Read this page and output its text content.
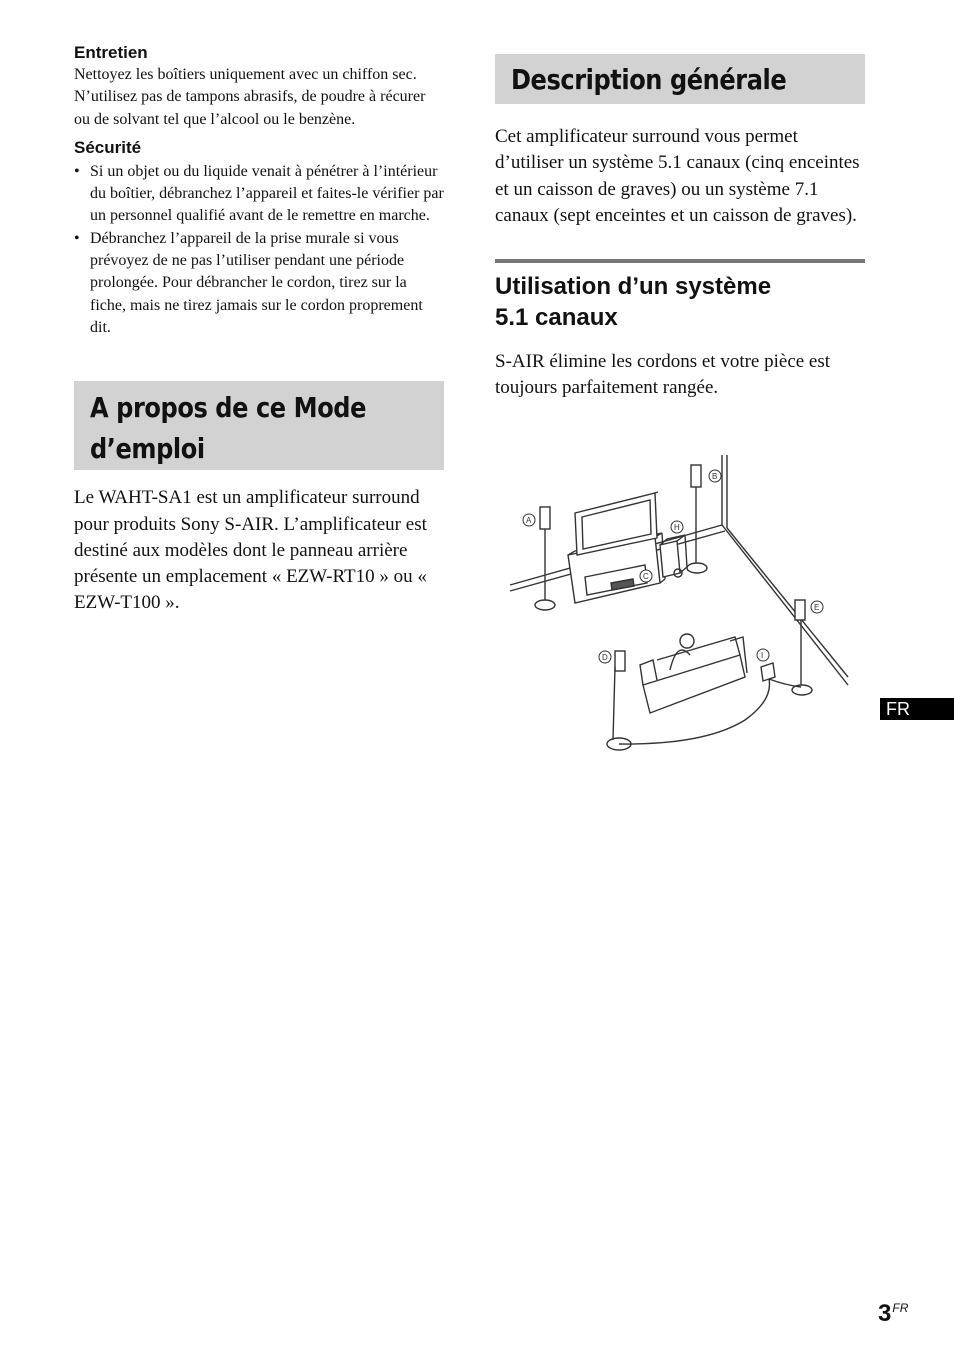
Entretien

Nettoyez les boîtiers uniquement avec un chiffon sec. N’utilisez pas de tampons abrasifs, de poudre à récurer ou de solvant tel que l’alcool ou le benzène.

Sécurité
• Si un objet ou du liquide venait à pénétrer à l’intérieur du boîtier, débranchez l’appareil et faites-le vérifier par un personnel qualifié avant de le remettre en marche.
• Débranchez l’appareil de la prise murale si vous prévoyez de ne pas l’utiliser pendant une période prolongée. Pour débrancher le cordon, tirez sur la fiche, mais ne tirez jamais sur le cordon proprement dit.
A propos de ce Mode
d’emploi

Le WAHT-SA1 est un amplificateur surround pour produits Sony S-AIR. L’amplificateur est destiné aux modèles dont le panneau arrière présente un emplacement « EZW-RT10 » ou « EZW-T100 ».

Description générale

Cet amplificateur surround vous permet d’utiliser un système 5.1 canaux (cinq enceintes et un caisson de graves) ou un système 7.1 canaux (sept enceintes et un caisson de graves).

Utilisation d’un système
5.1 canaux

S-AIR élimine les cordons et votre pièce est toujours parfaitement rangée.

A
B
C
D
E
H
I
FR
$3^{FR}$
